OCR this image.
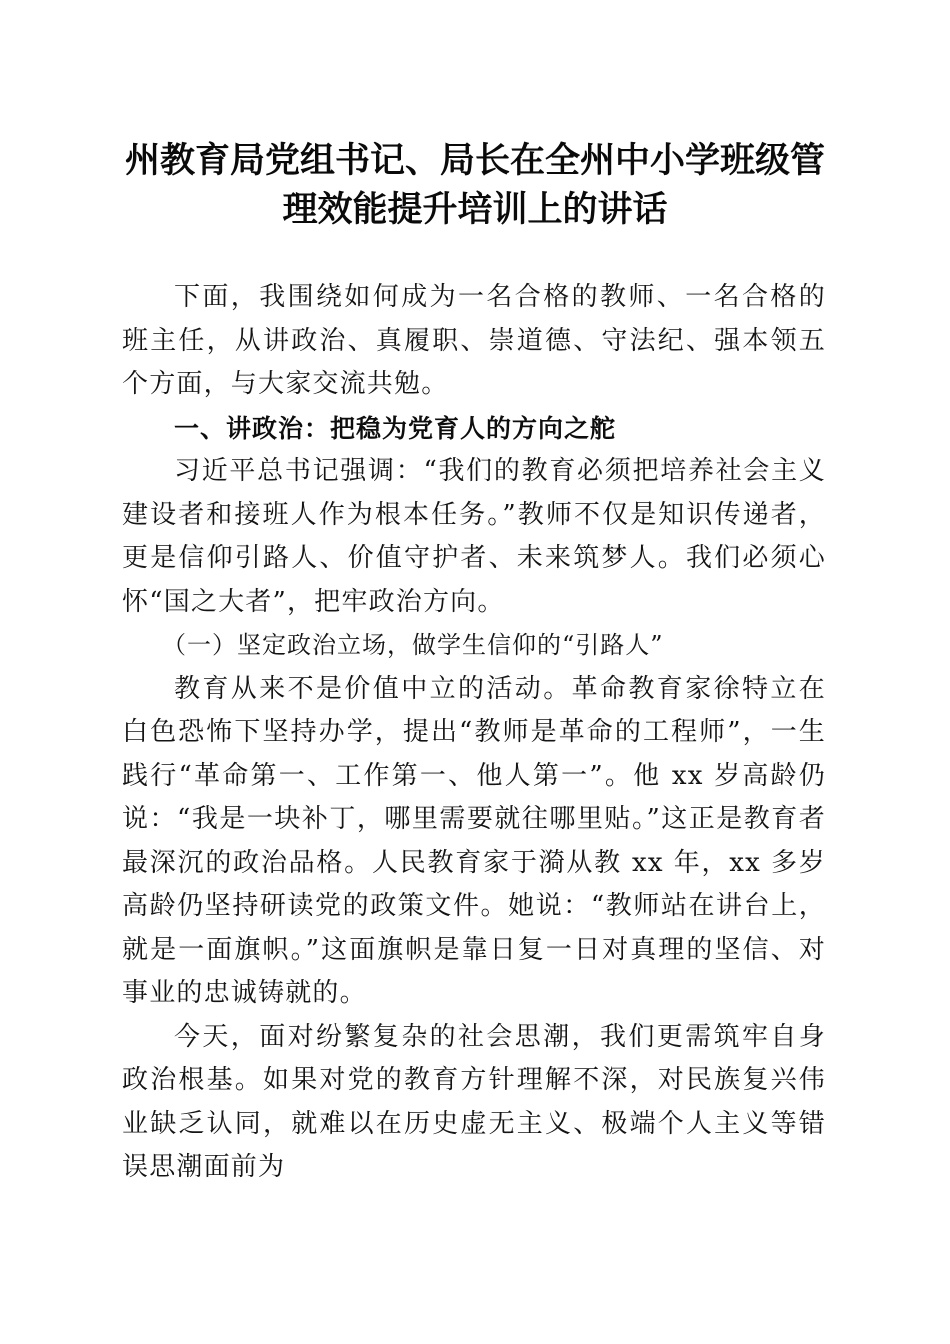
州教育局党组书记、局长在全州中小学班级管
理效能提升培训上的讲话

下面，我围绕如何成为一名合格的教师、一名合格的班主任，从讲政治、真履职、崇道德、守法纪、强本领五个方面，与大家交流共勉。

一、讲政治：把稳为党育人的方向之舵

习近平总书记强调：“我们的教育必须把培养社会主义建设者和接班人作为根本任务。”教师不仅是知识传递者，更是信仰引路人、价值守护者、未来筑梦人。我们必须心怀“国之大者”，把牢政治方向。

（一）坚定政治立场，做学生信仰的“引路人”

教育从来不是价值中立的活动。革命教育家徐特立在白色恐怖下坚持办学，提出“教师是革命的工程师”，一生践行“革命第一、工作第一、他人第一”。他 xx 岁高龄仍说：“我是一块补丁，哪里需要就往哪里贴。”这正是教育者最深沉的政治品格。人民教育家于漪从教 xx 年，xx 多岁高龄仍坚持研读党的政策文件。她说：“教师站在讲台上，就是一面旗帜。”这面旗帜是靠日复一日对真理的坚信、对事业的忠诚铸就的。

今天，面对纷繁复杂的社会思潮，我们更需筑牢自身政治根基。如果对党的教育方针理解不深，对民族复兴伟业缺乏认同，就难以在历史虚无主义、极端个人主义等错误思潮面前为
